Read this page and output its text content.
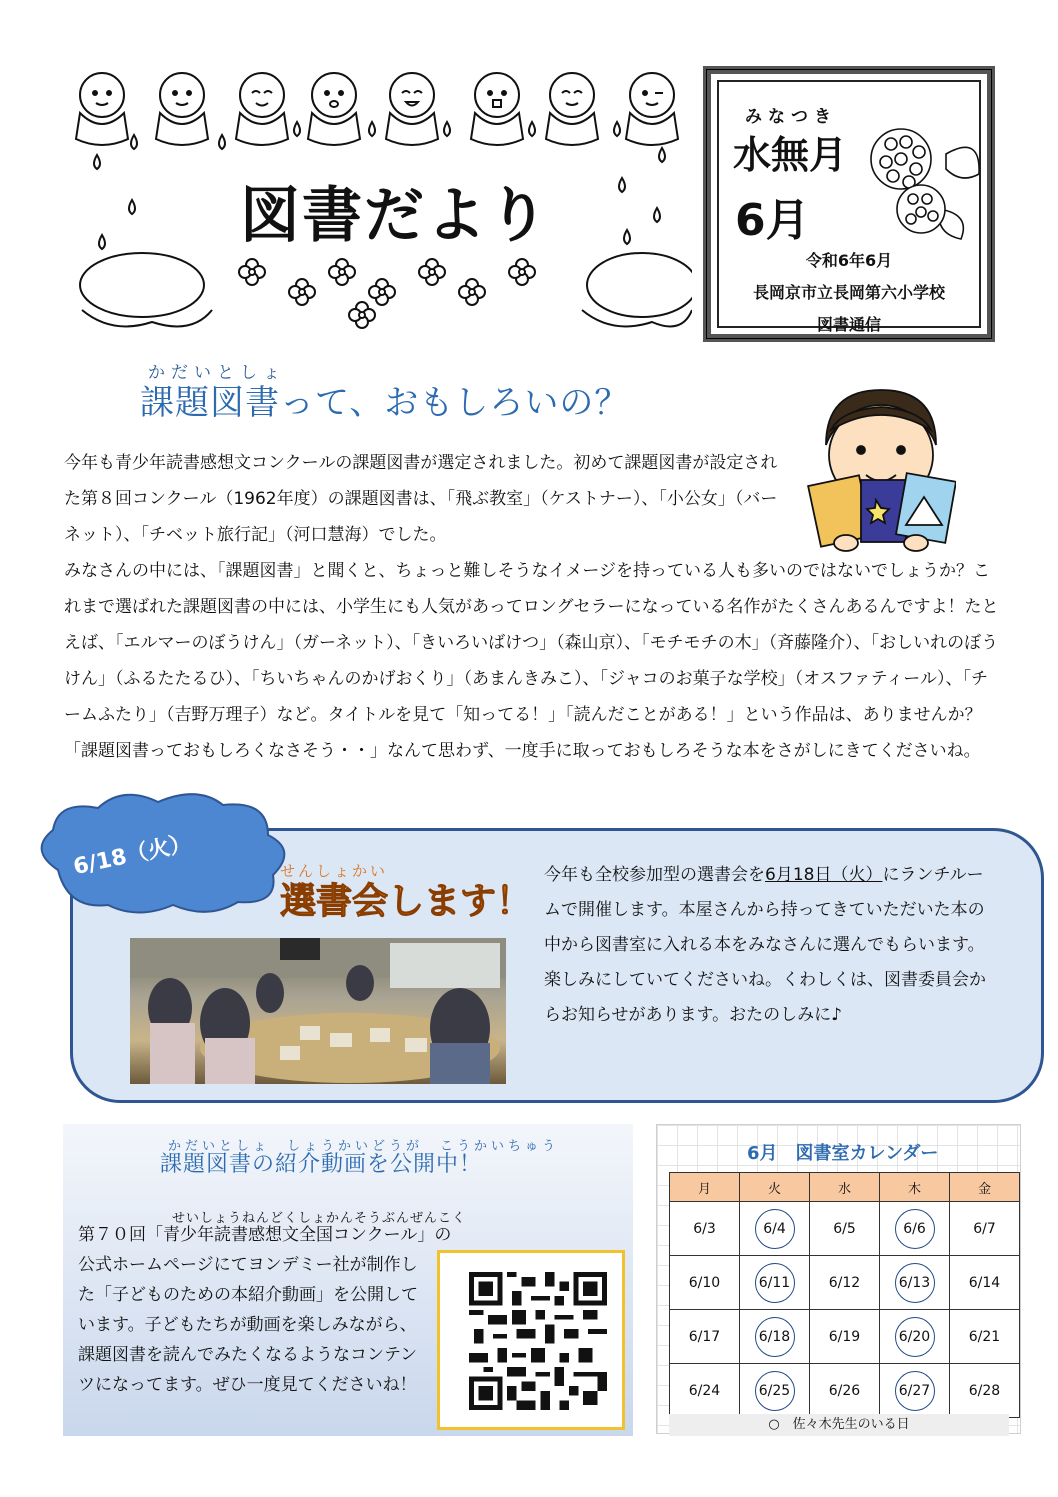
図書だより
みなつき
水無月
6月
令和6年6月
長岡京市立長岡第六小学校
図書通信
かだいとしょ
課題図書って、おもしろいの？
今年も青少年読書感想文コンクールの課題図書が選定されました。初めて課題図書が設定された第８回コンクール（1962年度）の課題図書は、「飛ぶ教室」（ケストナー）、「小公女」（バーネット）、「チベット旅行記」（河口慧海）でした。
みなさんの中には、「課題図書」と聞くと、ちょっと難しそうなイメージを持っている人も多いのではないでしょうか？これまで選ばれた課題図書の中には、小学生にも人気があってロングセラーになっている名作がたくさんあるんですよ！たとえば、「エルマーのぼうけん」（ガーネット）、「きいろいばけつ」（森山京）、「モチモチの木」（斉藤隆介）、「おしいれのぼうけん」（ふるたたるひ）、「ちいちゃんのかげおくり」（あまんきみこ）、「ジャコのお菓子な学校」（オスファティール）、「チームふたり」（吉野万理子）など。タイトルを見て「知ってる！」「読んだことがある！」という作品は、ありませんか？「課題図書っておもしろくなさそう・・」なんて思わず、一度手に取っておもしろそうな本をさがしにきてくださいね。
6/18（火）	せんしょかい
選書会します！
今年も全校参加型の選書会を6月18日（火）にランチルームで開催します。本屋さんから持ってきていただいた本の中から図書室に入れる本をみなさんに選んでもらいます。楽しみにしていてくださいね。くわしくは、図書委員会からお知らせがあります。おたのしみに♪
かだいとしょ　しょうかいどうが　こうかいちゅう
課題図書の紹介動画を公開中！
せいしょうねんどくしょかんそうぶんぜんこく
第７０回「青少年読書感想文全国コンクール」の
公式ホームページにてヨンデミー社が制作した「子どものための本紹介動画」を公開しています。子どもたちが動画を楽しみながら、課題図書を読んでみたくなるようなコンテンツになってます。ぜひ一度見てくださいね！
6月　図書室カレンダー
月	火	水	木	金
6/3	6/4	6/5	6/6	6/7
6/10	6/11	6/12	6/13	6/14
6/17	6/18	6/19	6/20	6/21
6/24	6/25	6/26	6/27	6/28
○　佐々木先生のいる日
